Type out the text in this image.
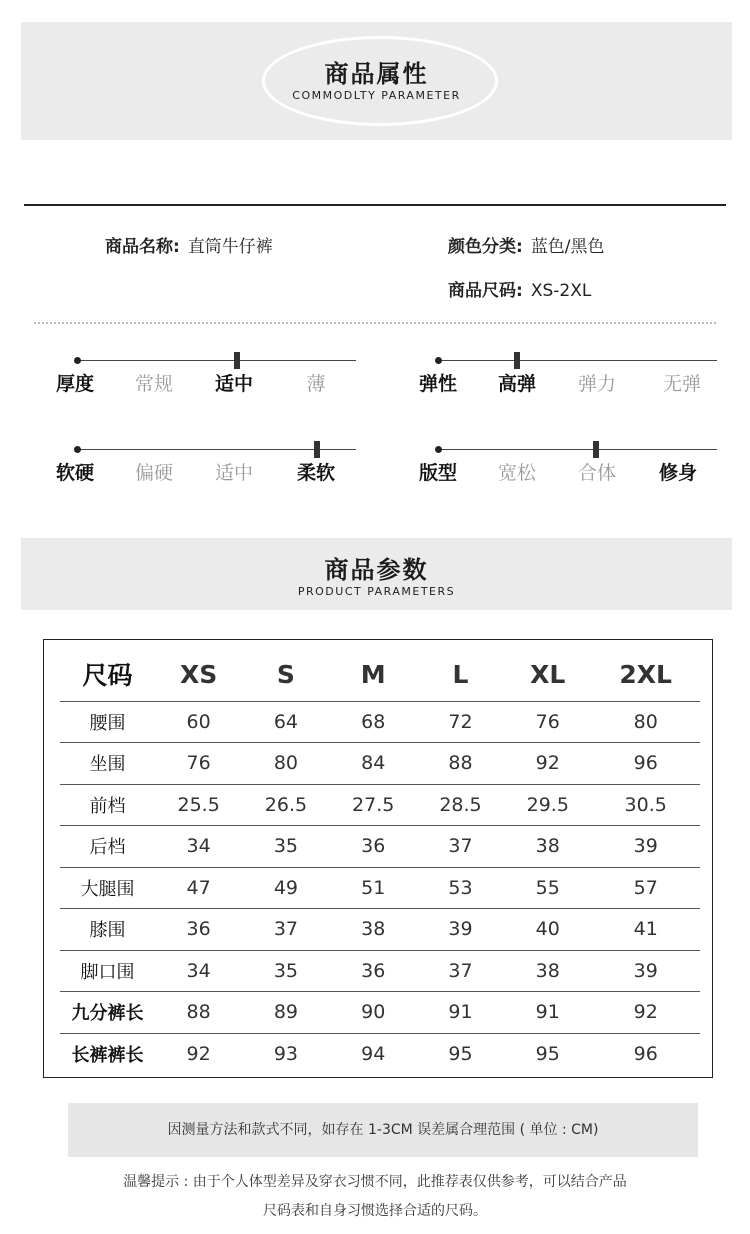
商品属性
COMMODLTY PARAMETER
商品名称: 直筒牛仔裤	颜色分类: 蓝色/黑色
商品尺码: XS-2XL
厚度	常规	适中	薄	弹性	高弹	弹力	无弹
软硬	偏硬	适中	柔软	版型	宽松	合体	修身
商品参数
PRODUCT PARAMETERS
尺码	XS	S	M	L	XL	2XL
腰围	60	64	68	72	76	80
坐围	76	80	84	88	92	96
前档	25.5	26.5	27.5	28.5	29.5	30.5
后档	34	35	36	37	38	39
大腿围	47	49	51	53	55	57
膝围	36	37	38	39	40	41
脚口围	34	35	36	37	38	39
九分裤长	88	89	90	91	91	92
长裤裤长	92	93	94	95	95	96
因测量方法和款式不同，如存在 1-3CM 误差属合理范围 ( 单位 : CM)
温馨提示 : 由于个人体型差异及穿衣习惯不同，此推荐表仅供参考，可以结合产品
尺码表和自身习惯选择合适的尺码。
